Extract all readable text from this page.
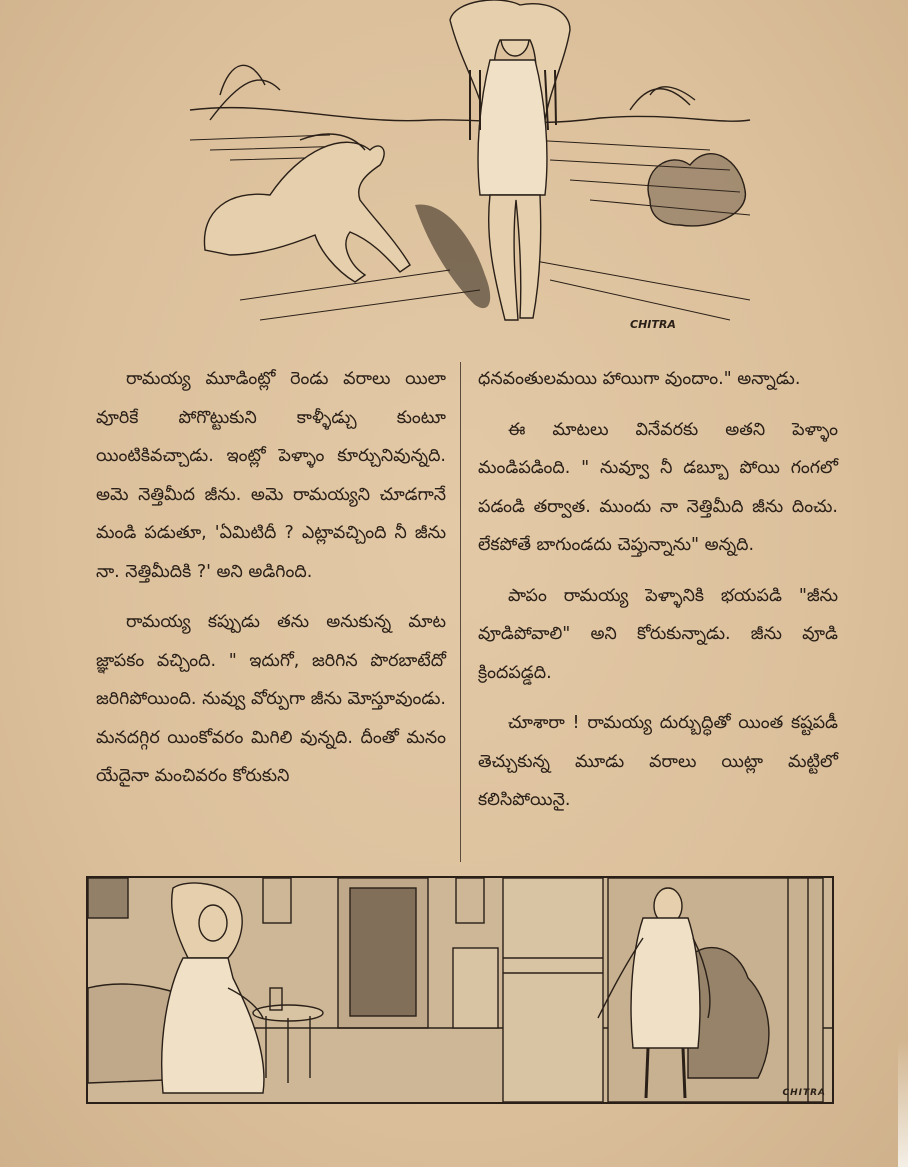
CHITRA

రామయ్య మూడింట్లో రెండు వరాలు యిలా వూరికే పోగొట్టుకుని కాళ్ళీడ్చు కుంటూ యింటికివచ్చాడు. ఇంట్లో పెళ్ళాం కూర్చునివున్నది. అమె నెత్తిమీద జీను. అమె రామయ్యని చూడగానే మండి పడుతూ, 'ఏమిటిదీ ? ఎట్లావచ్చింది నీ జీను నా. నెత్తిమీదికి ?' అని అడిగింది.

రామయ్య కప్పుడు తను అనుకున్న మాట జ్ఞాపకం వచ్చింది. " ఇదుగో, జరిగిన పొరబాటేదో జరిగిపోయింది. నువ్వు వోర్పుగా జీను మోస్తూవుండు. మనదగ్గిర యింకోవరం మిగిలి వున్నది. దీంతో మనం యేదైనా మంచివరం కోరుకుని

ధనవంతులమయి హాయిగా వుందాం." అన్నాడు.

ఈ మాటలు వినేవరకు అతని పెళ్ళాం మండిపడింది. " నువ్వూ నీ డబ్బూ పోయి గంగలో పడండి తర్వాత. ముందు నా నెత్తిమీది జీను దించు. లేకపోతే బాగుండదు చెప్తున్నాను" అన్నది.

పాపం రామయ్య పెళ్ళానికి భయపడి "జీను వూడిపోవాలి" అని కోరుకున్నాడు. జీను వూడి క్రిందపడ్డది.

చూశారా ! రామయ్య దుర్బుద్ధితో యింత కష్టపడీ తెచ్చుకున్న మూడు వరాలు యిట్లా మట్టిలో కలిసిపోయినై.

CHITRA
